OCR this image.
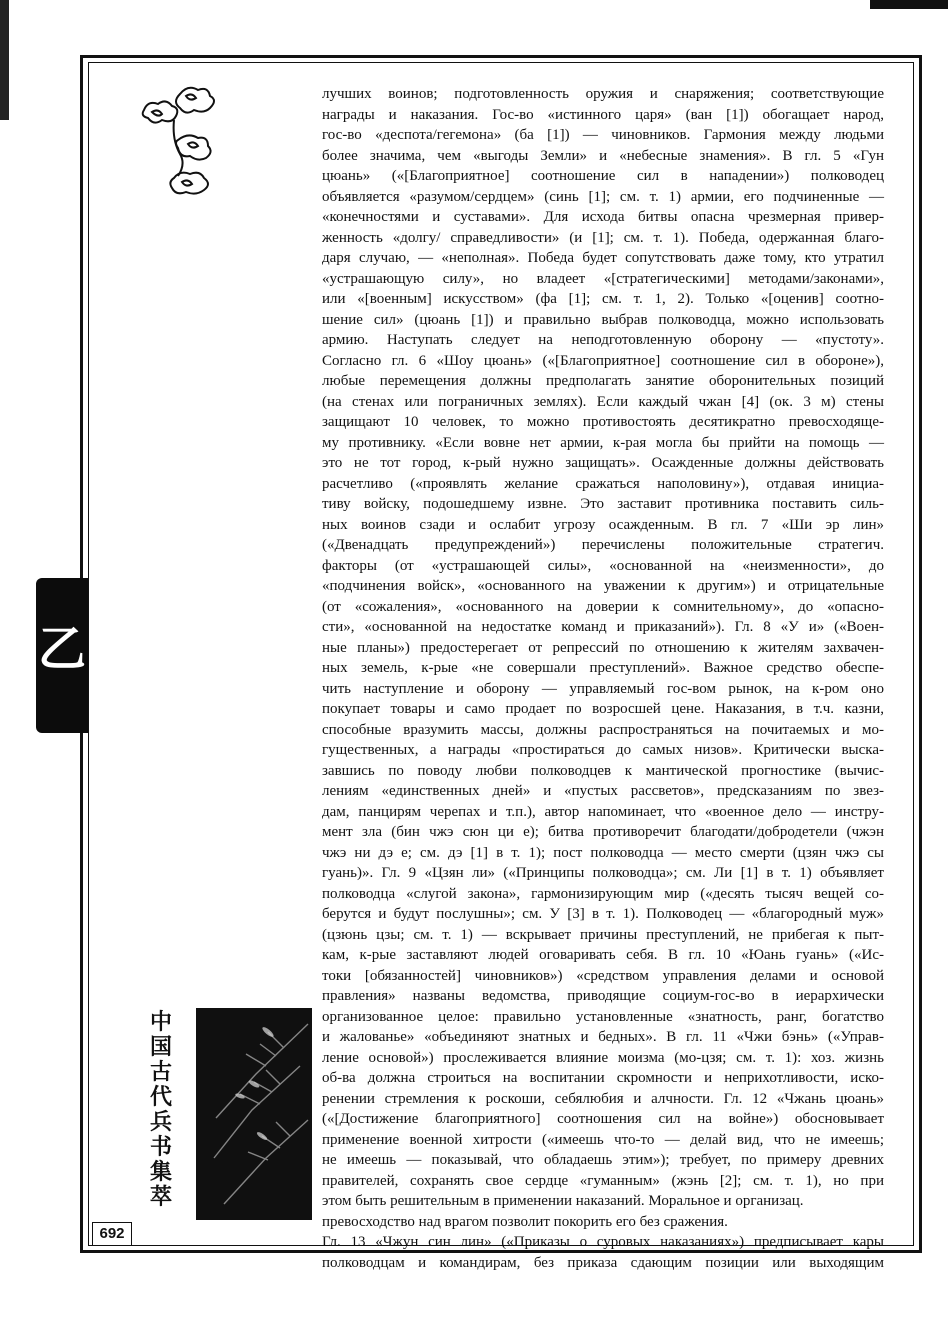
乙
中
国
古
代
兵
书
集
萃
692
лучших воинов; подготовленность оружия и снаряжения; соответствующие
награды и наказания. Гос-во «истинного царя» (ван [1]) обогащает народ,
гос-во «деспота/гегемона» (ба [1]) — чиновников. Гармония между людьми
более значима, чем «выгоды Земли» и «небесные знамения». В гл. 5 «Гун
цюань» («[Благоприятное] соотношение сил в нападении») полководец
объявляется «разумом/сердцем» (синь [1]; см. т. 1) армии, его подчиненные —
«конечностями и суставами». Для исхода битвы опасна чрезмерная привер-
женность «долгу/ справедливости» (и [1]; см. т. 1). Победа, одержанная благо-
даря случаю, — «неполная». Победа будет сопутствовать даже тому, кто утратил
«устрашающую силу», но владеет «[стратегическими] методами/законами»,
или «[военным] искусством» (фа [1]; см. т. 1, 2). Только «[оценив] соотно-
шение сил» (цюань [1]) и правильно выбрав полководца, можно использовать
армию. Наступать следует на неподготовленную оборону — «пустоту».
Согласно гл. 6 «Шоу цюань» («[Благоприятное] соотношение сил в обороне»),
любые перемещения должны предполагать занятие оборонительных позиций
(на стенах или пограничных землях). Если каждый чжан [4] (ок. 3 м) стены
защищают 10 человек, то можно противостоять десятикратно превосходяще-
му противнику. «Если вовне нет армии, к-рая могла бы прийти на помощь —
это не тот город, к-рый нужно защищать». Осажденные должны действовать
расчетливо («проявлять желание сражаться наполовину»), отдавая инициа-
тиву войску, подошедшему извне. Это заставит противника поставить силь-
ных воинов сзади и ослабит угрозу осажденным. В гл. 7 «Ши эр лин»
(«Двенадцать предупреждений») перечислены положительные стратегич.
факторы (от «устрашающей силы», «основанной на «неизменности», до
«подчинения войск», «основанного на уважении к другим») и отрицательные
(от «сожаления», «основанного на доверии к сомнительному», до «опасно-
сти», «основанной на недостатке команд и приказаний»). Гл. 8 «У и» («Воен-
ные планы») предостерегает от репрессий по отношению к жителям захвачен-
ных земель, к-рые «не совершали преступлений». Важное средство обеспе-
чить наступление и оборону — управляемый гос-вом рынок, на к-ром оно
покупает товары и само продает по возросшей цене. Наказания, в т.ч. казни,
способные вразумить массы, должны распространяться на почитаемых и мо-
гущественных, а награды «простираться до самых низов». Критически выска-
завшись по поводу любви полководцев к мантической прогностике (вычис-
лениям «единственных дней» и «пустых рассветов», предсказаниям по звез-
дам, панцирям черепах и т.п.), автор напоминает, что «военное дело — инстру-
мент зла (бин чжэ сюн ци е); битва противоречит благодати/добродетели (чжэн
чжэ ни дэ е; см. дэ [1] в т. 1); пост полководца — место смерти (цзян чжэ сы
гуань)». Гл. 9 «Цзян ли» («Принципы полководца»; см. Ли [1] в т. 1) объявляет
полководца «слугой закона», гармонизирующим мир («десять тысяч вещей со-
берутся и будут послушны»; см. У [3] в т. 1). Полководец — «благородный муж»
(цзюнь цзы; см. т. 1) — вскрывает причины преступлений, не прибегая к пыт-
кам, к-рые заставляют людей оговаривать себя. В гл. 10 «Юань гуань» («Ис-
токи [обязанностей] чиновников») «средством управления делами и основой
правления» названы ведомства, приводящие социум-гос-во в иерархически
организованное целое: правильно установленные «знатность, ранг, богатство
и жалованье» «объединяют знатных и бедных». В гл. 11 «Чжи бэнь» («Управ-
ление основой») прослеживается влияние моизма (мо-цзя; см. т. 1): хоз. жизнь
об-ва должна строиться на воспитании скромности и неприхотливости, иско-
ренении стремления к роскоши, себялюбия и алчности. Гл. 12 «Чжань цюань»
(«[Достижение благоприятного] соотношения сил на войне») обосновывает
применение военной хитрости («имеешь что-то — делай вид, что не имеешь;
не имеешь — показывай, что обладаешь этим»); требует, по примеру древних
правителей, сохранять свое сердце «гуманным» (жэнь [2]; см. т. 1), но при
этом быть решительным в применении наказаний. Моральное и организац.
превосходство над врагом позволит покорить его без сражения.
Гл. 13 «Чжун син лин» («Приказы о суровых наказаниях») предписывает кары
полководцам и командирам, без приказа сдающим позиции или выходящим
